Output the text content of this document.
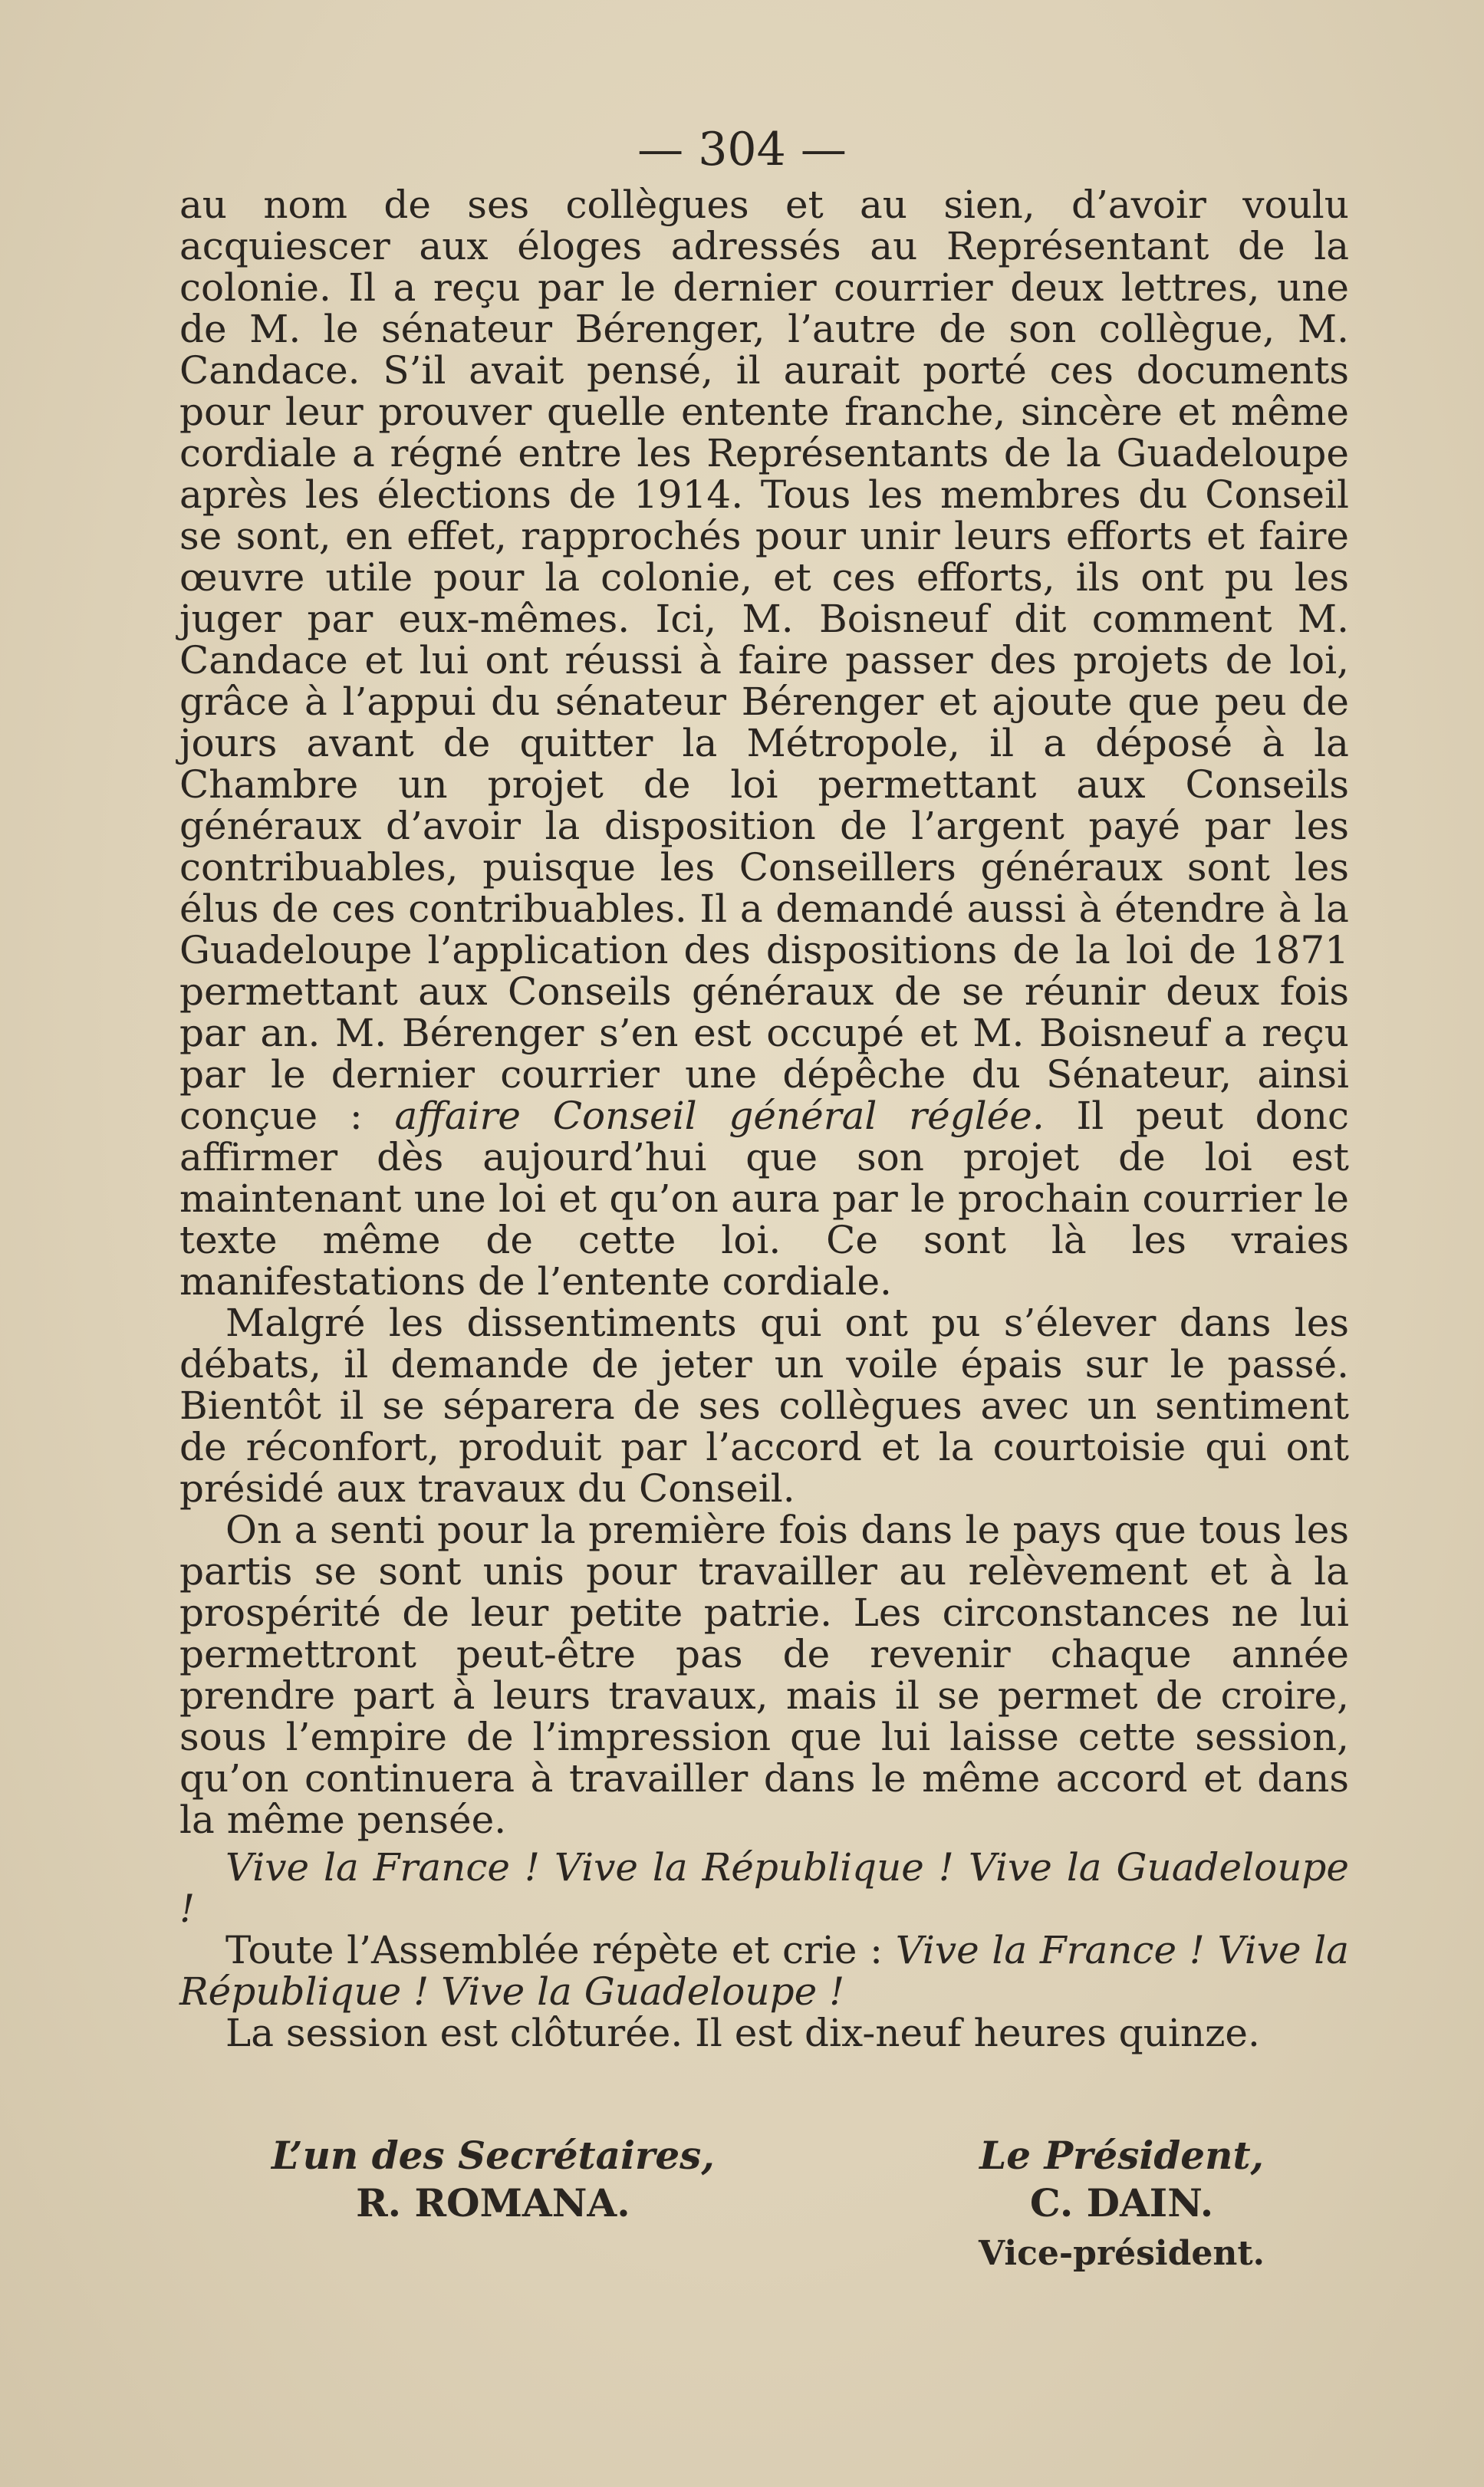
— 304 —

au nom de ses collègues et au sien, d’avoir voulu acquiescer aux éloges adressés au Représentant de la colonie. Il a reçu par le dernier courrier deux lettres, une de M. le sénateur Bérenger, l’autre de son collègue, M. Candace. S’il avait pensé, il aurait porté ces documents pour leur prouver quelle entente franche, sincère et même cordiale a régné entre les Représentants de la Guadeloupe après les élections de 1914. Tous les membres du Conseil se sont, en effet, rapprochés pour unir leurs efforts et faire œuvre utile pour la colonie, et ces efforts, ils ont pu les juger par eux-mêmes. Ici, M. Boisneuf dit comment M. Candace et lui ont réussi à faire passer des projets de loi, grâce à l’appui du sénateur Bérenger et ajoute que peu de jours avant de quitter la Métropole, il a déposé à la Chambre un projet de loi permettant aux Conseils généraux d’avoir la disposition de l’argent payé par les contribuables, puisque les Conseillers généraux sont les élus de ces contribuables. Il a demandé aussi à étendre à la Guadeloupe l’application des dispositions de la loi de 1871 permettant aux Conseils généraux de se réunir deux fois par an. M. Bérenger s’en est occupé et M. Boisneuf a reçu par le dernier courrier une dépêche du Sénateur, ainsi conçue : affaire Conseil général réglée. Il peut donc affirmer dès aujourd’hui que son projet de loi est maintenant une loi et qu’on aura par le prochain courrier le texte même de cette loi. Ce sont là les vraies manifestations de l’entente cordiale.

Malgré les dissentiments qui ont pu s’élever dans les débats, il demande de jeter un voile épais sur le passé. Bientôt il se séparera de ses collègues avec un sentiment de réconfort, produit par l’accord et la courtoisie qui ont présidé aux travaux du Conseil.

On a senti pour la première fois dans le pays que tous les partis se sont unis pour travailler au relèvement et à la prospérité de leur petite patrie. Les circonstances ne lui permettront peut-être pas de revenir chaque année prendre part à leurs travaux, mais il se permet de croire, sous l’empire de l’impression que lui laisse cette session, qu’on continuera à travailler dans le même accord et dans la même pensée.

Vive la France ! Vive la République ! Vive la Guadeloupe !

Toute l’Assemblée répète et crie : Vive la France ! Vive la République ! Vive la Guadeloupe !

La session est clôturée. Il est dix-neuf heures quinze.

L’un des Secrétaires,
R. ROMANA.
Le Président,
C. DAIN.
Vice-président.
